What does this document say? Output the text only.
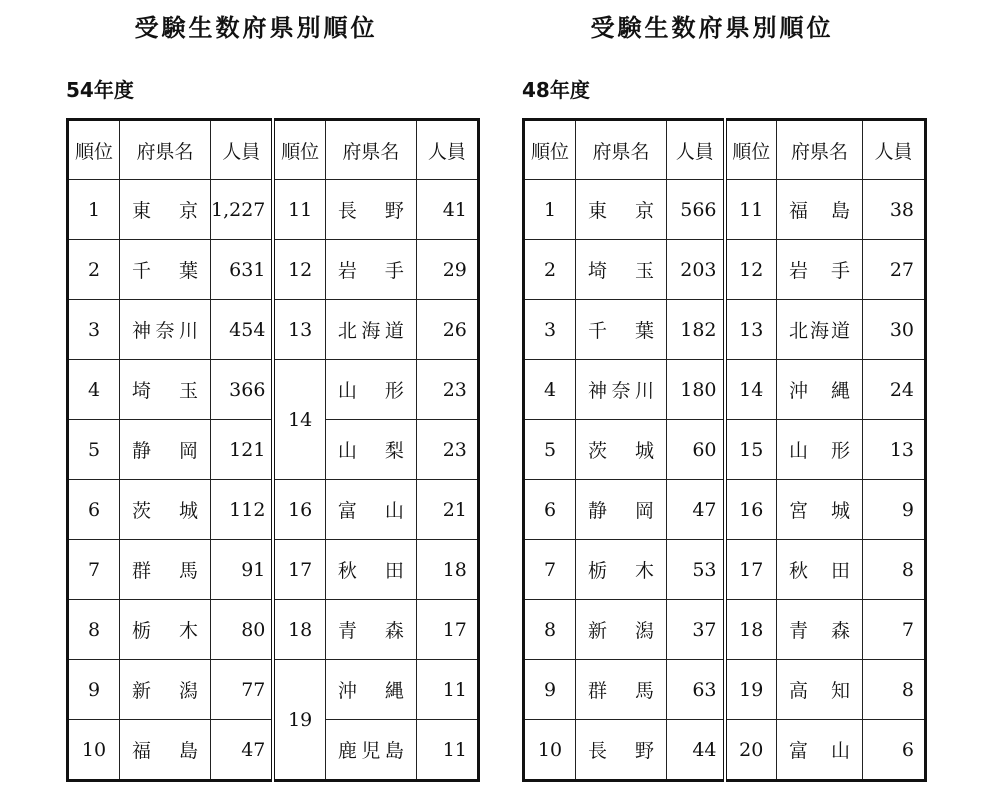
受験生数府県別順位
54年度
順位	府県名	人員	順位	府県名	人員
1	東京	1,227	11	長野	41
2	千葉	631	12	岩手	29
3	神奈川	454	13	北海道	26
4	埼玉	366	14	山形	23
5	静岡	121		山梨	23
6	茨城	112	16	富山	21
7	群馬	91	17	秋田	18
8	栃木	80	18	青森	17
9	新潟	77	19	沖縄	11
10	福島	47		鹿児島	11
受験生数府県別順位
48年度
順位	府県名	人員	順位	府県名	人員
1	東京	566	11	福島	38
2	埼玉	203	12	岩手	27
3	千葉	182	13	北海道	30
4	神奈川	180	14	沖縄	24
5	茨城	60	15	山形	13
6	静岡	47	16	宮城	9
7	栃木	53	17	秋田	8
8	新潟	37	18	青森	7
9	群馬	63	19	高知	8
10	長野	44	20	富山	6
